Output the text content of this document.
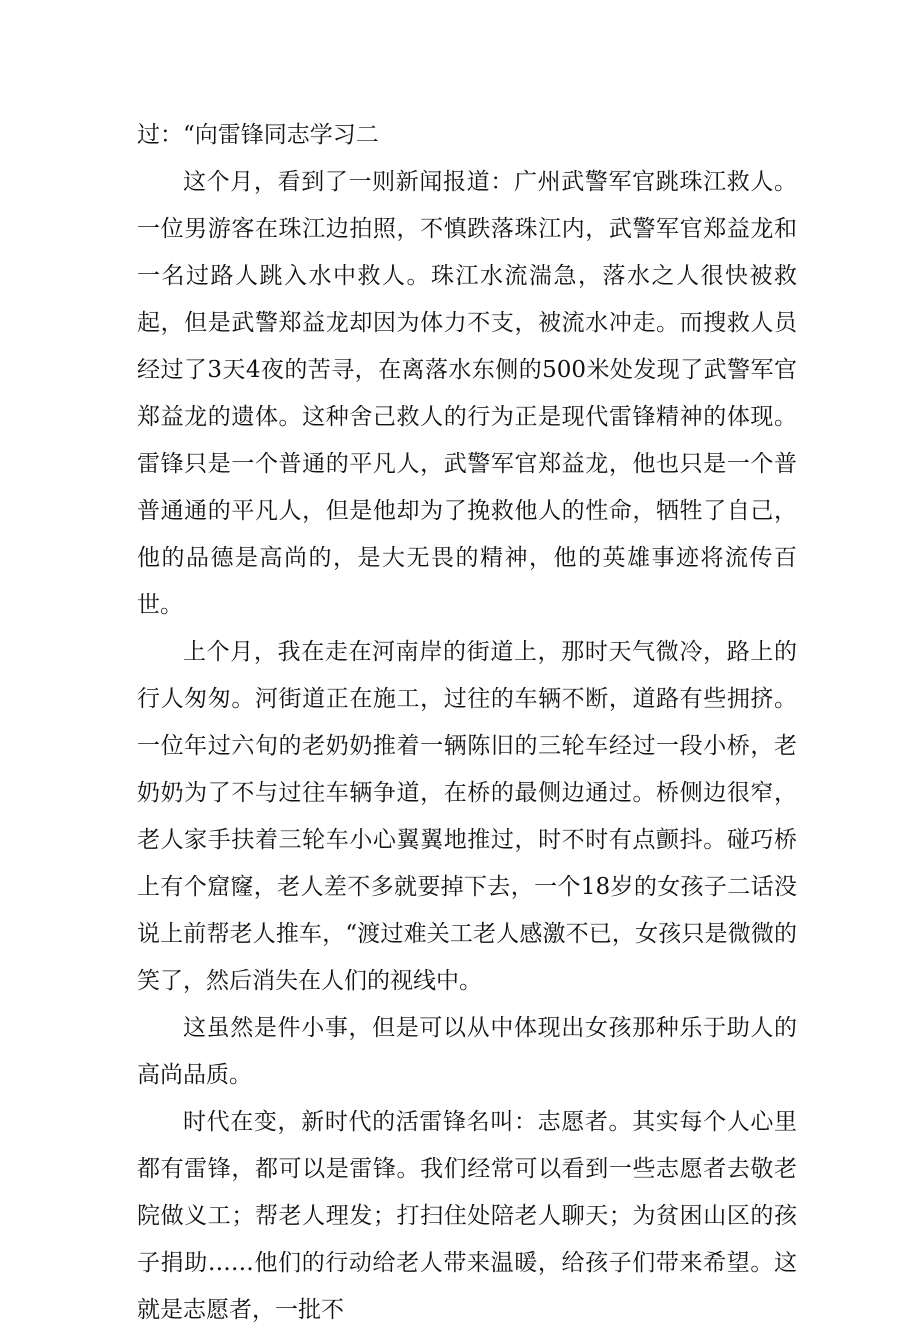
过：“向雷锋同志学习二

这个月，看到了一则新闻报道：广州武警军官跳珠江救人。一位男游客在珠江边拍照，不慎跌落珠江内，武警军官郑益龙和一名过路人跳入水中救人。珠江水流湍急，落水之人很快被救起，但是武警郑益龙却因为体力不支，被流水冲走。而搜救人员经过了3天4夜的苦寻，在离落水东侧的500米处发现了武警军官郑益龙的遗体。这种舍己救人的行为正是现代雷锋精神的体现。雷锋只是一个普通的平凡人，武警军官郑益龙，他也只是一个普普通通的平凡人，但是他却为了挽救他人的性命，牺牲了自己，他的品德是高尚的，是大无畏的精神，他的英雄事迹将流传百世。

上个月，我在走在河南岸的街道上，那时天气微冷，路上的行人匆匆。河街道正在施工，过往的车辆不断，道路有些拥挤。一位年过六旬的老奶奶推着一辆陈旧的三轮车经过一段小桥，老奶奶为了不与过往车辆争道，在桥的最侧边通过。桥侧边很窄，老人家手扶着三轮车小心翼翼地推过，时不时有点颤抖。碰巧桥上有个窟窿，老人差不多就要掉下去，一个18岁的女孩子二话没说上前帮老人推车，“渡过难关工老人感激不已，女孩只是微微的笑了，然后消失在人们的视线中。

这虽然是件小事，但是可以从中体现出女孩那种乐于助人的高尚品质。

时代在变，新时代的活雷锋名叫：志愿者。其实每个人心里都有雷锋，都可以是雷锋。我们经常可以看到一些志愿者去敬老院做义工；帮老人理发；打扫住处陪老人聊天；为贫困山区的孩子捐助……他们的行动给老人带来温暖，给孩子们带来希望。这就是志愿者，一批不
